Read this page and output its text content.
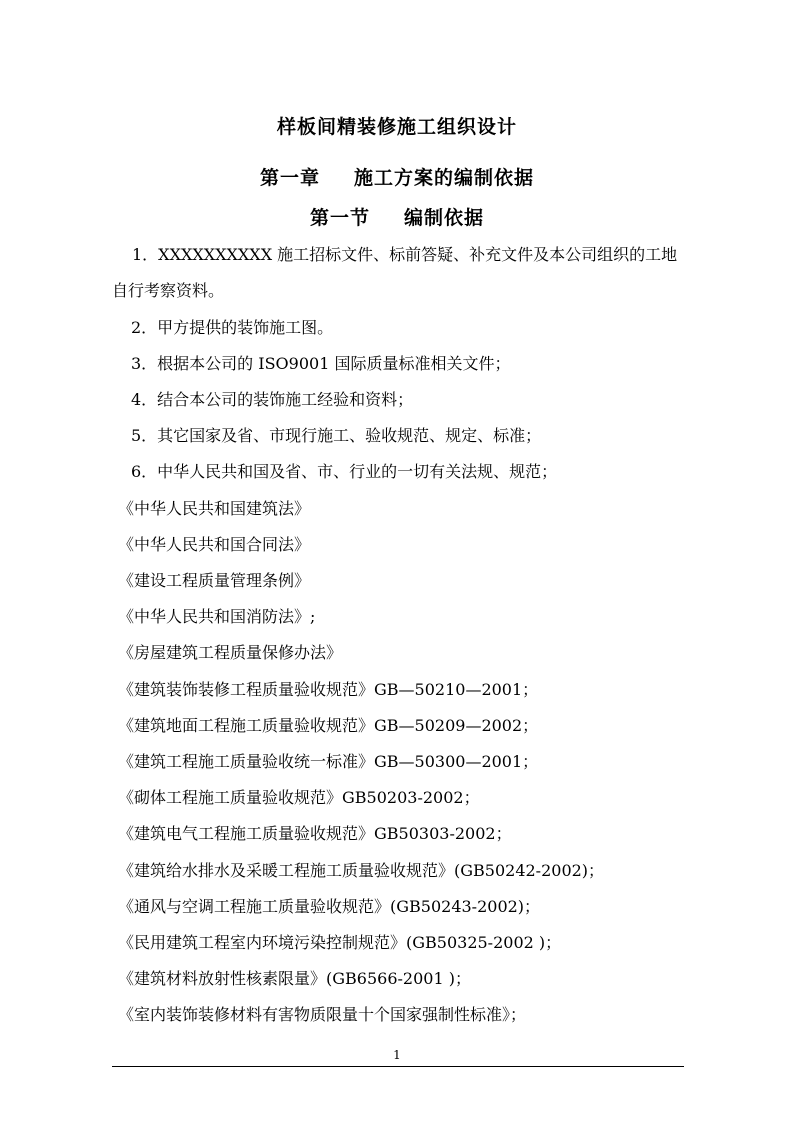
样板间精装修施工组织设计
第一章 施工方案的编制依据
第一节 编制依据
1．XXXXXXXXXX 施工招标文件、标前答疑、补充文件及本公司组织的工地自行考察资料。
2．甲方提供的装饰施工图。
3．根据本公司的 ISO9001 国际质量标准相关文件；
4．结合本公司的装饰施工经验和资料；
5．其它国家及省、市现行施工、验收规范、规定、标准；
6．中华人民共和国及省、市、行业的一切有关法规、规范；
《中华人民共和国建筑法》
《中华人民共和国合同法》
《建设工程质量管理条例》
《中华人民共和国消防法》;
《房屋建筑工程质量保修办法》
《建筑装饰装修工程质量验收规范》GB—50210—2001；
《建筑地面工程施工质量验收规范》GB—50209—2002；
《建筑工程施工质量验收统一标准》GB—50300—2001；
《砌体工程施工质量验收规范》GB50203-2002；
《建筑电气工程施工质量验收规范》GB50303-2002；
《建筑给水排水及采暖工程施工质量验收规范》(GB50242-2002)；
《通风与空调工程施工质量验收规范》(GB50243-2002)；
《民用建筑工程室内环境污染控制规范》(GB50325-2002 )；
《建筑材料放射性核素限量》(GB6566-2001 )；
《室内装饰装修材料有害物质限量十个国家强制性标准》；
1
